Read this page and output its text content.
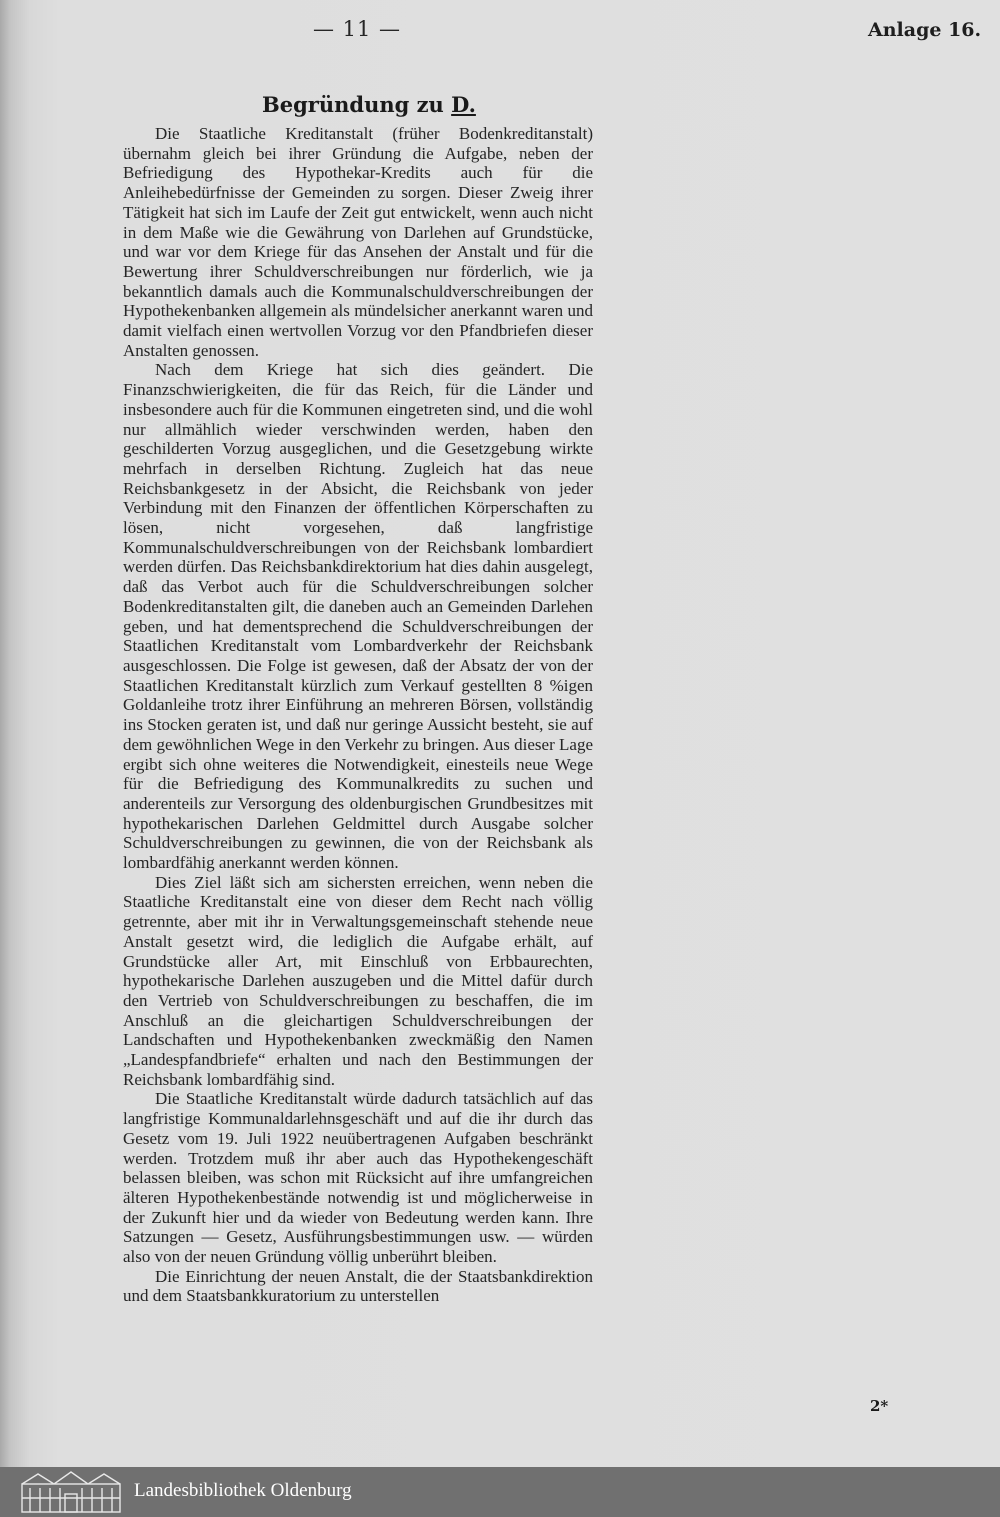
— 11 —	Anlage 16.
Begründung zu D.

Die Staatliche Kreditanstalt (früher Bodenkreditanstalt) übernahm gleich bei ihrer Gründung die Aufgabe, neben der Befriedigung des Hypothekar-Kredits auch für die Anleihebedürfnisse der Gemeinden zu sorgen. Dieser Zweig ihrer Tätigkeit hat sich im Laufe der Zeit gut entwickelt, wenn auch nicht in dem Maße wie die Gewährung von Darlehen auf Grundstücke, und war vor dem Kriege für das Ansehen der Anstalt und für die Bewertung ihrer Schuldverschreibungen nur förderlich, wie ja bekanntlich damals auch die Kommunalschuldverschreibungen der Hypothekenbanken allgemein als mündelsicher anerkannt waren und damit vielfach einen wertvollen Vorzug vor den Pfandbriefen dieser Anstalten genossen.

Nach dem Kriege hat sich dies geändert. Die Finanzschwierigkeiten, die für das Reich, für die Länder und insbesondere auch für die Kommunen eingetreten sind, und die wohl nur allmählich wieder verschwinden werden, haben den geschilderten Vorzug ausgeglichen, und die Gesetzgebung wirkte mehrfach in derselben Richtung. Zugleich hat das neue Reichsbankgesetz in der Absicht, die Reichsbank von jeder Verbindung mit den Finanzen der öffentlichen Körperschaften zu lösen, nicht vorgesehen, daß langfristige Kommunalschuldverschreibungen von der Reichsbank lombardiert werden dürfen. Das Reichsbankdirektorium hat dies dahin ausgelegt, daß das Verbot auch für die Schuldverschreibungen solcher Bodenkreditanstalten gilt, die daneben auch an Gemeinden Darlehen geben, und hat dementsprechend die Schuldverschreibungen der Staatlichen Kreditanstalt vom Lombardverkehr der Reichsbank ausgeschlossen. Die Folge ist gewesen, daß der Absatz der von der Staatlichen Kreditanstalt kürzlich zum Verkauf gestellten 8 %igen Goldanleihe trotz ihrer Einführung an mehreren Börsen, vollständig ins Stocken geraten ist, und daß nur geringe Aussicht besteht, sie auf dem gewöhnlichen Wege in den Verkehr zu bringen. Aus dieser Lage ergibt sich ohne weiteres die Notwendigkeit, einesteils neue Wege für die Befriedigung des Kommunalkredits zu suchen und anderenteils zur Versorgung des oldenburgischen Grundbesitzes mit hypothekarischen Darlehen Geldmittel durch Ausgabe solcher Schuldverschreibungen zu gewinnen, die von der Reichsbank als lombardfähig anerkannt werden können.

Dies Ziel läßt sich am sichersten erreichen, wenn neben die Staatliche Kreditanstalt eine von dieser dem Recht nach völlig getrennte, aber mit ihr in Verwaltungsgemeinschaft stehende neue Anstalt gesetzt wird, die lediglich die Aufgabe erhält, auf Grundstücke aller Art, mit Einschluß von Erbbaurechten, hypothekarische Darlehen auszugeben und die Mittel dafür durch den Vertrieb von Schuldverschreibungen zu beschaffen, die im Anschluß an die gleichartigen Schuldverschreibungen der Landschaften und Hypothekenbanken zweckmäßig den Namen „Landespfandbriefe“ erhalten und nach den Bestimmungen der Reichsbank lombardfähig sind.

Die Staatliche Kreditanstalt würde dadurch tatsächlich auf das langfristige Kommunaldarlehnsgeschäft und auf die ihr durch das Gesetz vom 19. Juli 1922 neuübertragenen Aufgaben beschränkt werden. Trotzdem muß ihr aber auch das Hypothekengeschäft belassen bleiben, was schon mit Rücksicht auf ihre umfangreichen älteren Hypothekenbestände notwendig ist und möglicherweise in der Zukunft hier und da wieder von Bedeutung werden kann. Ihre Satzungen — Gesetz, Ausführungsbestimmungen usw. — würden also von der neuen Gründung völlig unberührt bleiben.

Die Einrichtung der neuen Anstalt, die der Staatsbankdirektion und dem Staatsbankkuratorium zu unterstellen

2*
Landesbibliothek Oldenburg
